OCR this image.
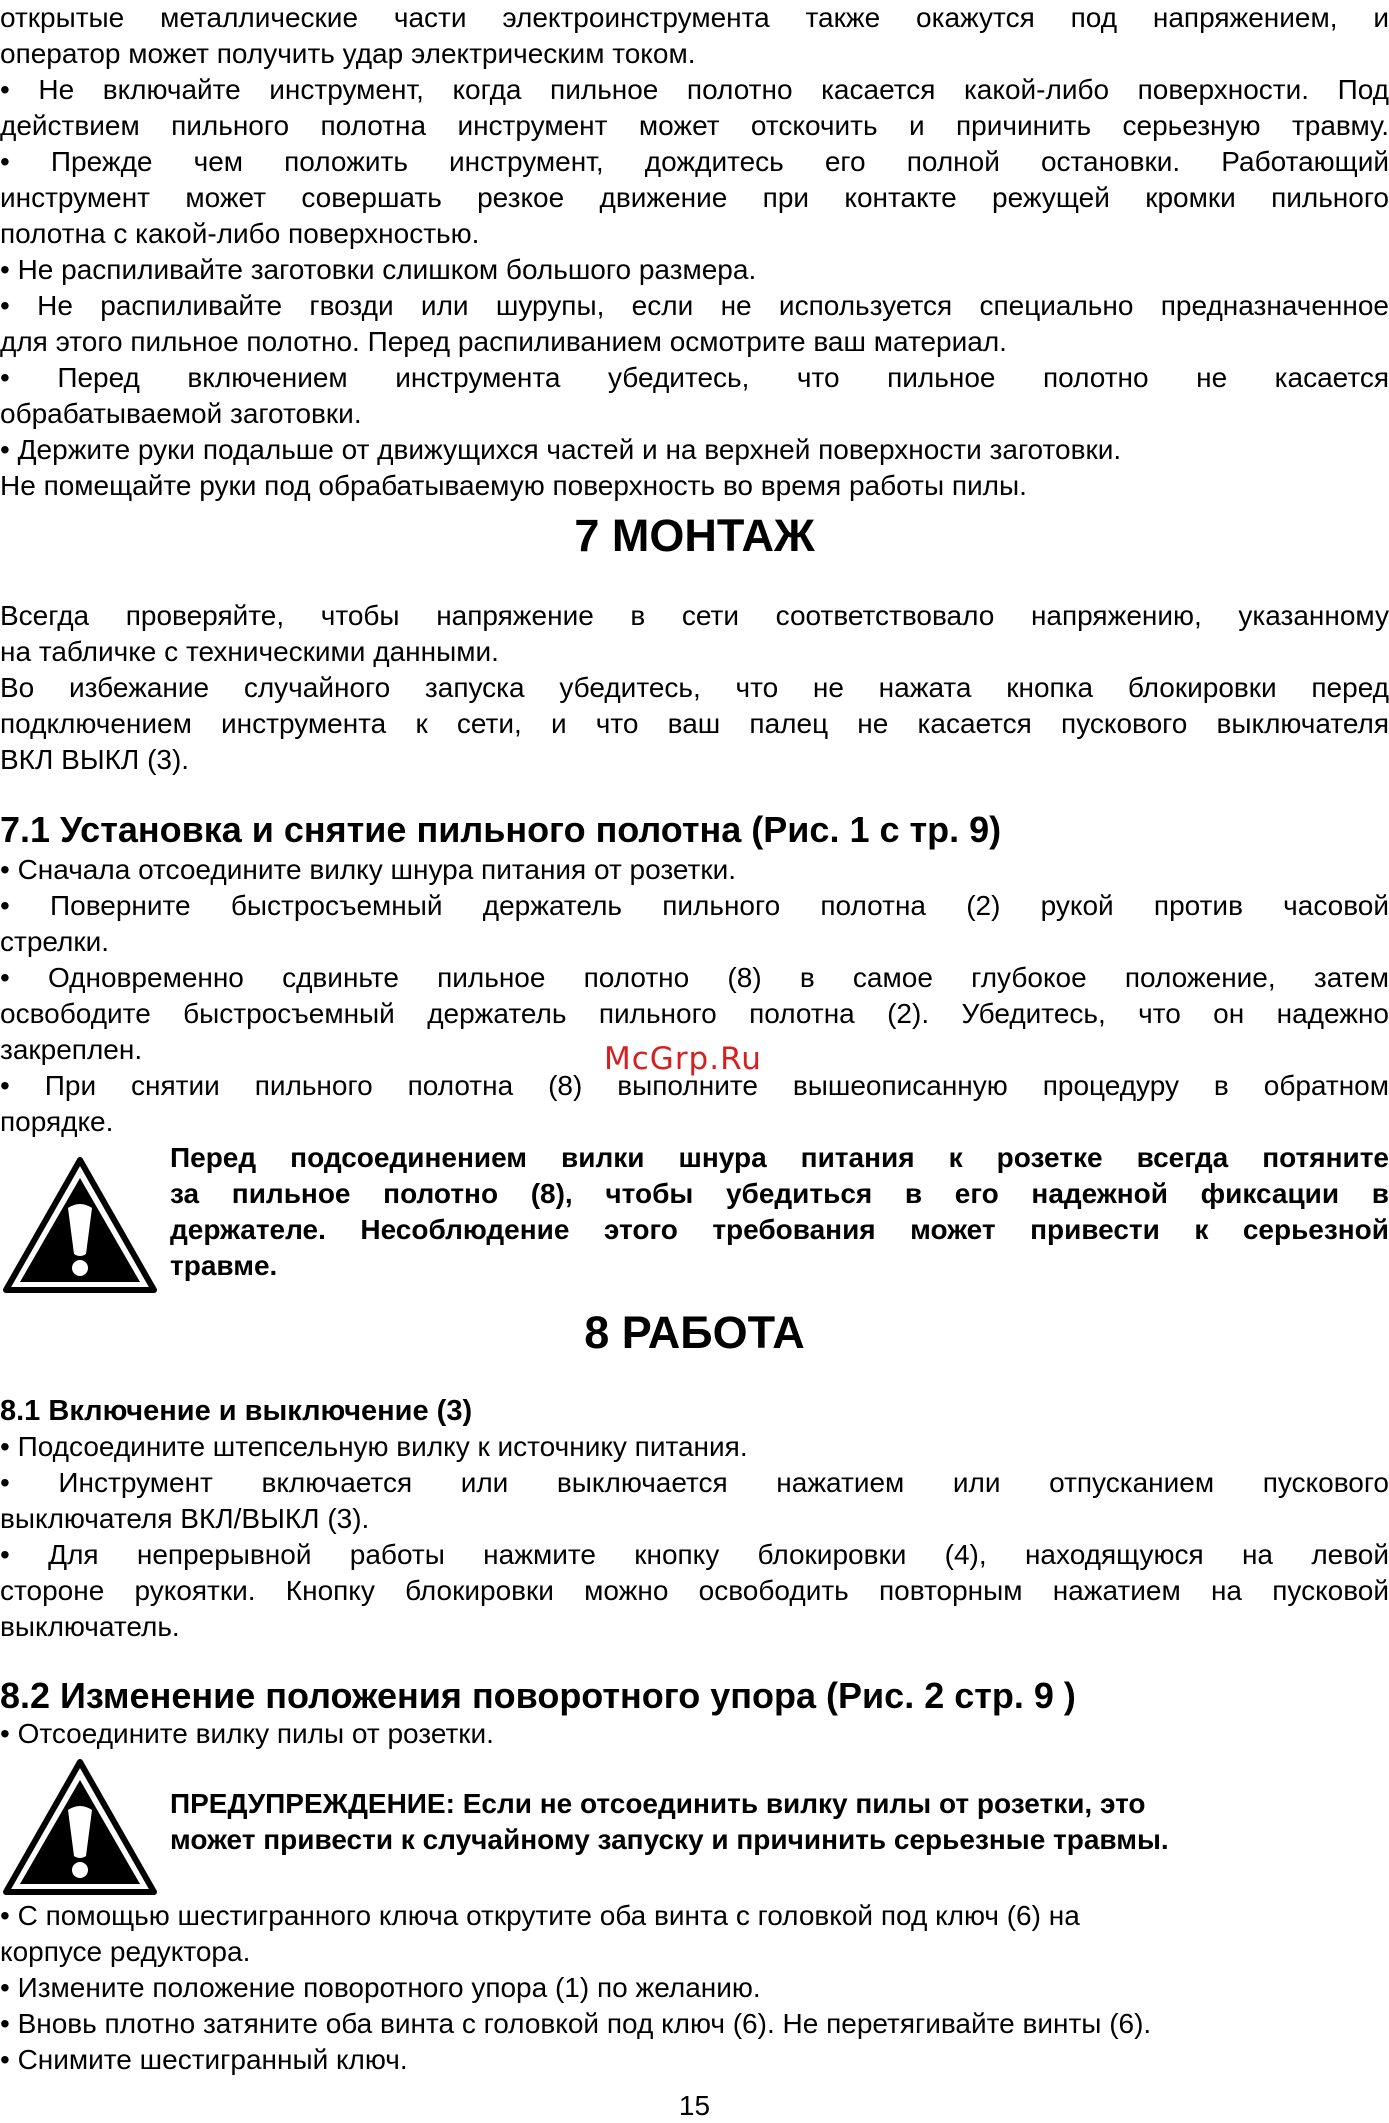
открытые металлические части электроинструмента также окажутся под напряжением, и

оператор может получить удар электрическим током.

• Не включайте инструмент, когда пильное полотно касается какой-либо поверхности. Под

действием пильного полотна инструмент может отскочить и причинить серьезную травму.

• Прежде чем положить инструмент, дождитесь его полной остановки. Работающий

инструмент может совершать резкое движение при контакте режущей кромки пильного

полотна с какой-либо поверхностью.

• Не распиливайте заготовки слишком большого размера.

• Не распиливайте гвозди или шурупы, если не используется специально предназначенное

для этого пильное полотно. Перед распиливанием осмотрите ваш материал.

• Перед включением инструмента убедитесь, что пильное полотно не касается

обрабатываемой заготовки.

• Держите руки подальше от движущихся частей и на верхней поверхности заготовки.

Не помещайте руки под обрабатываемую поверхность во время работы пилы.

7 МОНТАЖ

Всегда проверяйте, чтобы напряжение в сети соответствовало напряжению, указанному

на табличке с техническими данными.

Во избежание случайного запуска убедитесь, что не нажата кнопка блокировки перед

подключением инструмента к сети, и что ваш палец не касается пускового выключателя

ВКЛ ВЫКЛ (3).

7.1 Установка и снятие пильного полотна (Рис. 1 с тр. 9)

• Сначала отсоедините вилку шнура питания от розетки.

• Поверните быстросъемный держатель пильного полотна (2) рукой против часовой

стрелки.

• Одновременно сдвиньте пильное полотно (8) в самое глубокое положение, затем

освободите быстросъемный держатель пильного полотна (2). Убедитесь, что он надежно

закреплен.

• При снятии пильного полотна (8) выполните вышеописанную процедуру в обратном

порядке.

McGrp.Ru

Перед подсоединением вилки шнура питания к розетке всегда потяните

за пильное полотно (8), чтобы убедиться в его надежной фиксации в

держателе. Несоблюдение этого требования может привести к серьезной

травме.

8 РАБОТА
8.1 Включение и выключение (3)

• Подсоедините штепсельную вилку к источнику питания.

• Инструмент включается или выключается нажатием или отпусканием пускового

выключателя ВКЛ/ВЫКЛ (3).

• Для непрерывной работы нажмите кнопку блокировки (4), находящуюся на левой

стороне рукоятки. Кнопку блокировки можно освободить повторным нажатием на пусковой

выключатель.

8.2 Изменение положения поворотного упора (Рис. 2 стр. 9 )

• Отсоедините вилку пилы от розетки.

ПРЕДУПРЕЖДЕНИЕ: Если не отсоединить вилку пилы от розетки, это

может привести к случайному запуску и причинить серьезные травмы.

• С помощью шестигранного ключа открутите оба винта с головкой под ключ (6) на

корпусе редуктора.

• Измените положение поворотного упора (1) по желанию.

• Вновь плотно затяните оба винта с головкой под ключ (6). Не перетягивайте винты (6).

• Снимите шестигранный ключ.

15
